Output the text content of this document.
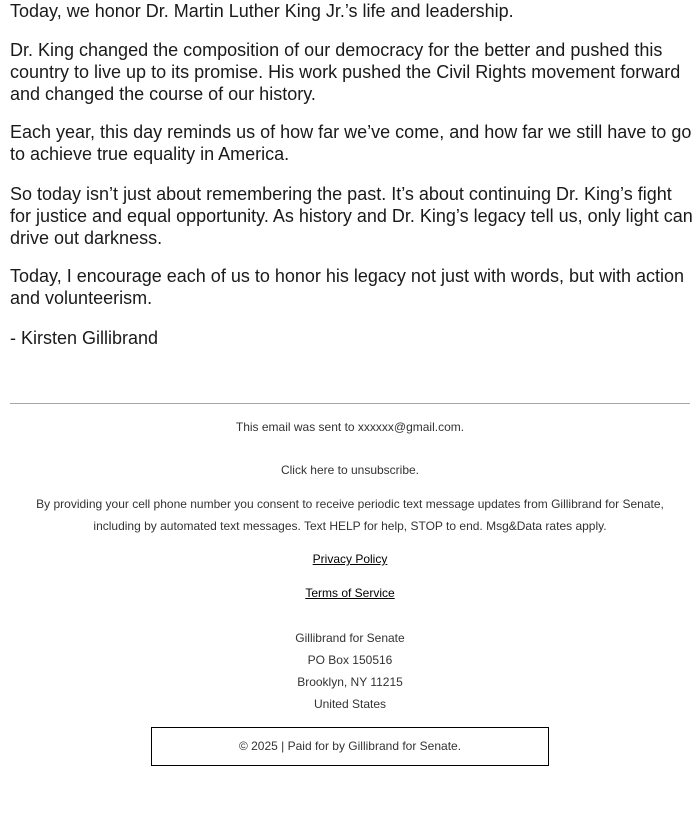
Today, we honor Dr. Martin Luther King Jr.’s life and leadership.

Dr. King changed the composition of our democracy for the better and pushed this country to live up to its promise. His work pushed the Civil Rights movement forward and changed the course of our history.

Each year, this day reminds us of how far we’ve come, and how far we still have to go to achieve true equality in America.

So today isn’t just about remembering the past. It’s about continuing Dr. King’s fight for justice and equal opportunity. As history and Dr. King’s legacy tell us, only light can drive out darkness.

Today, I encourage each of us to honor his legacy not just with words, but with action and volunteerism.

- Kirsten Gillibrand

This email was sent to xxxxxx@gmail.com.
Click here to unsubscribe.
By providing your cell phone number you consent to receive periodic text message updates from Gillibrand for Senate,
including by automated text messages. Text HELP for help, STOP to end. Msg&Data rates apply.
Privacy Policy
Terms of Service
Gillibrand for Senate
PO Box 150516
Brooklyn, NY 11215
United States
© 2025 | Paid for by Gillibrand for Senate.
